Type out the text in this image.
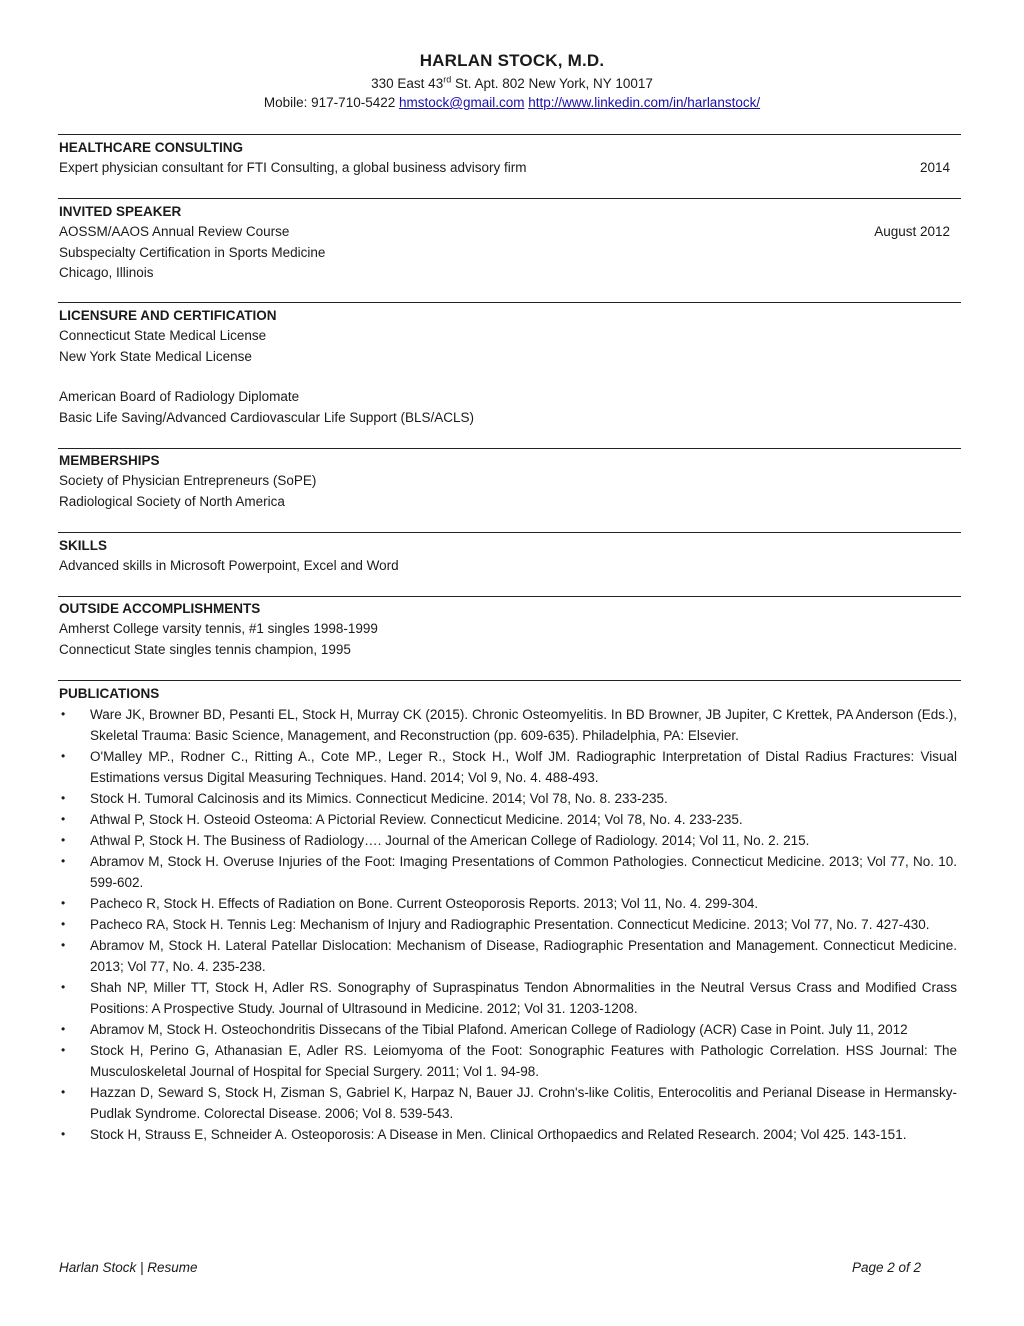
HARLAN STOCK, M.D.
330 East 43rd St. Apt. 802 New York, NY 10017
Mobile: 917-710-5422 hmstock@gmail.com http://www.linkedin.com/in/harlanstock/
HEALTHCARE CONSULTING
Expert physician consultant for FTI Consulting, a global business advisory firm	2014
INVITED SPEAKER
AOSSM/AAOS Annual Review Course	August 2012
Subspecialty Certification in Sports Medicine
Chicago, Illinois
LICENSURE AND CERTIFICATION
Connecticut State Medical License
New York State Medical License
American Board of Radiology Diplomate
Basic Life Saving/Advanced Cardiovascular Life Support (BLS/ACLS)
MEMBERSHIPS
Society of Physician Entrepreneurs (SoPE)
Radiological Society of North America
SKILLS
Advanced skills in Microsoft Powerpoint, Excel and Word
OUTSIDE ACCOMPLISHMENTS
Amherst College varsity tennis, #1 singles 1998-1999
Connecticut State singles tennis champion, 1995
PUBLICATIONS
• Ware JK, Browner BD, Pesanti EL, Stock H, Murray CK (2015). Chronic Osteomyelitis. In BD Browner, JB Jupiter, C Krettek, PA Anderson (Eds.), Skeletal Trauma: Basic Science, Management, and Reconstruction (pp. 609-635). Philadelphia, PA: Elsevier.
• O'Malley MP., Rodner C., Ritting A., Cote MP., Leger R., Stock H., Wolf JM. Radiographic Interpretation of Distal Radius Fractures: Visual Estimations versus Digital Measuring Techniques. Hand. 2014; Vol 9, No. 4. 488-493.
• Stock H. Tumoral Calcinosis and its Mimics. Connecticut Medicine. 2014; Vol 78, No. 8. 233-235.
• Athwal P, Stock H. Osteoid Osteoma: A Pictorial Review. Connecticut Medicine. 2014; Vol 78, No. 4. 233-235.
• Athwal P, Stock H. The Business of Radiology…. Journal of the American College of Radiology. 2014; Vol 11, No. 2. 215.
• Abramov M, Stock H. Overuse Injuries of the Foot: Imaging Presentations of Common Pathologies. Connecticut Medicine. 2013; Vol 77, No. 10. 599-602.
• Pacheco R, Stock H. Effects of Radiation on Bone. Current Osteoporosis Reports. 2013; Vol 11, No. 4. 299-304.
• Pacheco RA, Stock H. Tennis Leg: Mechanism of Injury and Radiographic Presentation. Connecticut Medicine. 2013; Vol 77, No. 7. 427-430.
• Abramov M, Stock H. Lateral Patellar Dislocation: Mechanism of Disease, Radiographic Presentation and Management. Connecticut Medicine. 2013; Vol 77, No. 4. 235-238.
• Shah NP, Miller TT, Stock H, Adler RS. Sonography of Supraspinatus Tendon Abnormalities in the Neutral Versus Crass and Modified Crass Positions: A Prospective Study. Journal of Ultrasound in Medicine. 2012; Vol 31. 1203-1208.
• Abramov M, Stock H. Osteochondritis Dissecans of the Tibial Plafond. American College of Radiology (ACR) Case in Point. July 11, 2012
• Stock H, Perino G, Athanasian E, Adler RS. Leiomyoma of the Foot: Sonographic Features with Pathologic Correlation. HSS Journal: The Musculoskeletal Journal of Hospital for Special Surgery. 2011; Vol 1. 94-98.
• Hazzan D, Seward S, Stock H, Zisman S, Gabriel K, Harpaz N, Bauer JJ. Crohn's-like Colitis, Enterocolitis and Perianal Disease in Hermansky-Pudlak Syndrome. Colorectal Disease. 2006; Vol 8. 539-543.
• Stock H, Strauss E, Schneider A. Osteoporosis: A Disease in Men. Clinical Orthopaedics and Related Research. 2004; Vol 425. 143-151.
Harlan Stock | Resume	Page 2 of 2
